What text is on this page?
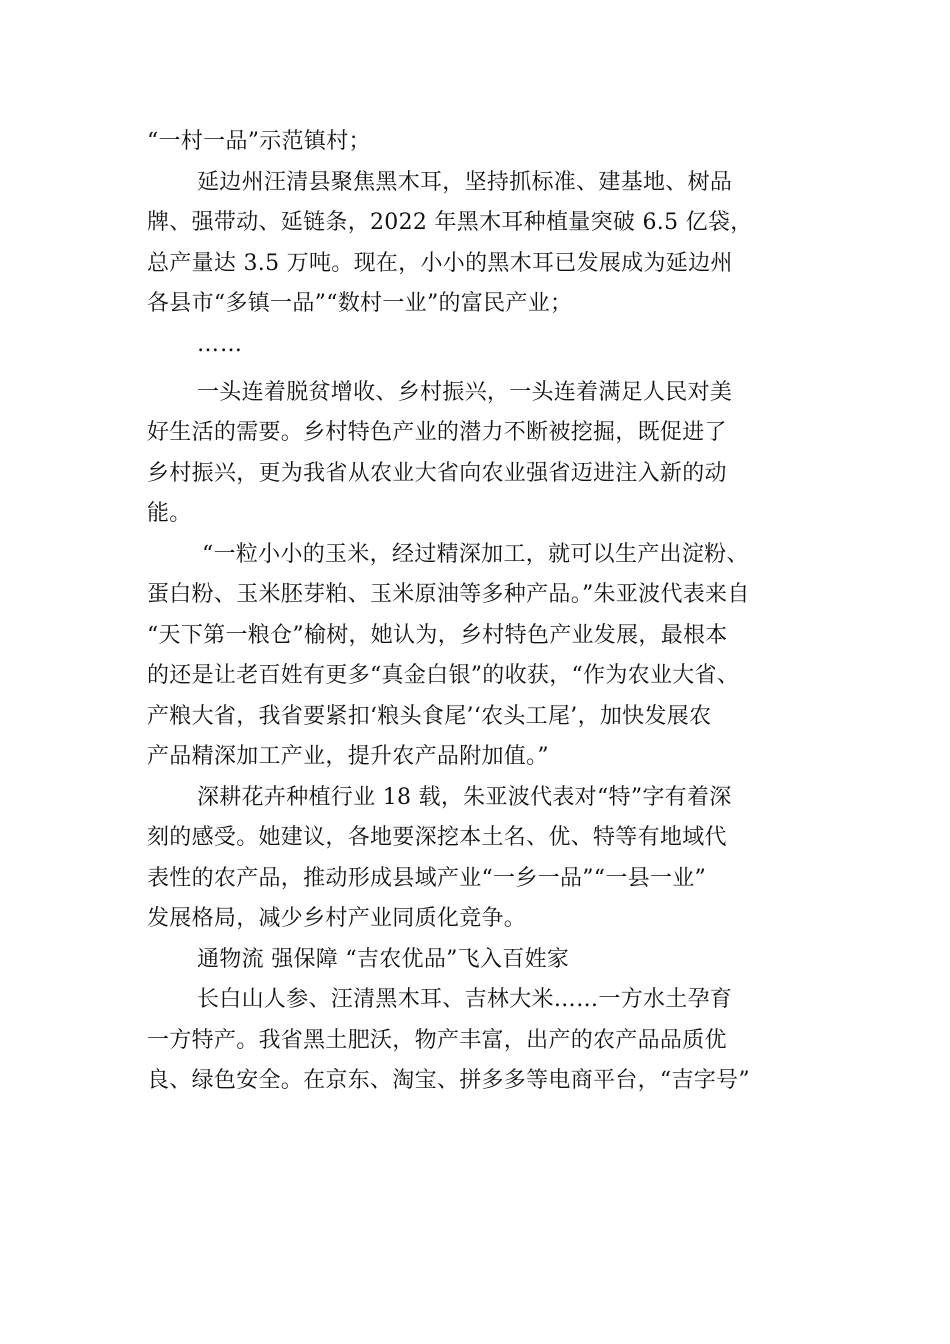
“一村一品”示范镇村；
延边州汪清县聚焦黑木耳，坚持抓标准、建基地、树品
牌、强带动、延链条，2022 年黑木耳种植量突破 6.5 亿袋，
总产量达 3.5 万吨。现在，小小的黑木耳已发展成为延边州
各县市“多镇一品”“数村一业”的富民产业；
……
一头连着脱贫增收、乡村振兴，一头连着满足人民对美
好生活的需要。乡村特色产业的潜力不断被挖掘，既促进了
乡村振兴，更为我省从农业大省向农业强省迈进注入新的动
能。
“一粒小小的玉米，经过精深加工，就可以生产出淀粉、
蛋白粉、玉米胚芽粕、玉米原油等多种产品。”朱亚波代表来自
“天下第一粮仓”榆树，她认为，乡村特色产业发展，最根本
的还是让老百姓有更多“真金白银”的收获，“作为农业大省、
产粮大省，我省要紧扣‘粮头食尾’‘农头工尾’，加快发展农
产品精深加工产业，提升农产品附加值。”
深耕花卉种植行业 18 载，朱亚波代表对“特”字有着深
刻的感受。她建议，各地要深挖本土名、优、特等有地域代
表性的农产品，推动形成县域产业“一乡一品”“一县一业”
发展格局，减少乡村产业同质化竞争。
通物流 强保障 “吉农优品”飞入百姓家
长白山人参、汪清黑木耳、吉林大米……一方水土孕育
一方特产。我省黑土肥沃，物产丰富，出产的农产品品质优
良、绿色安全。在京东、淘宝、拼多多等电商平台，“吉字号”
